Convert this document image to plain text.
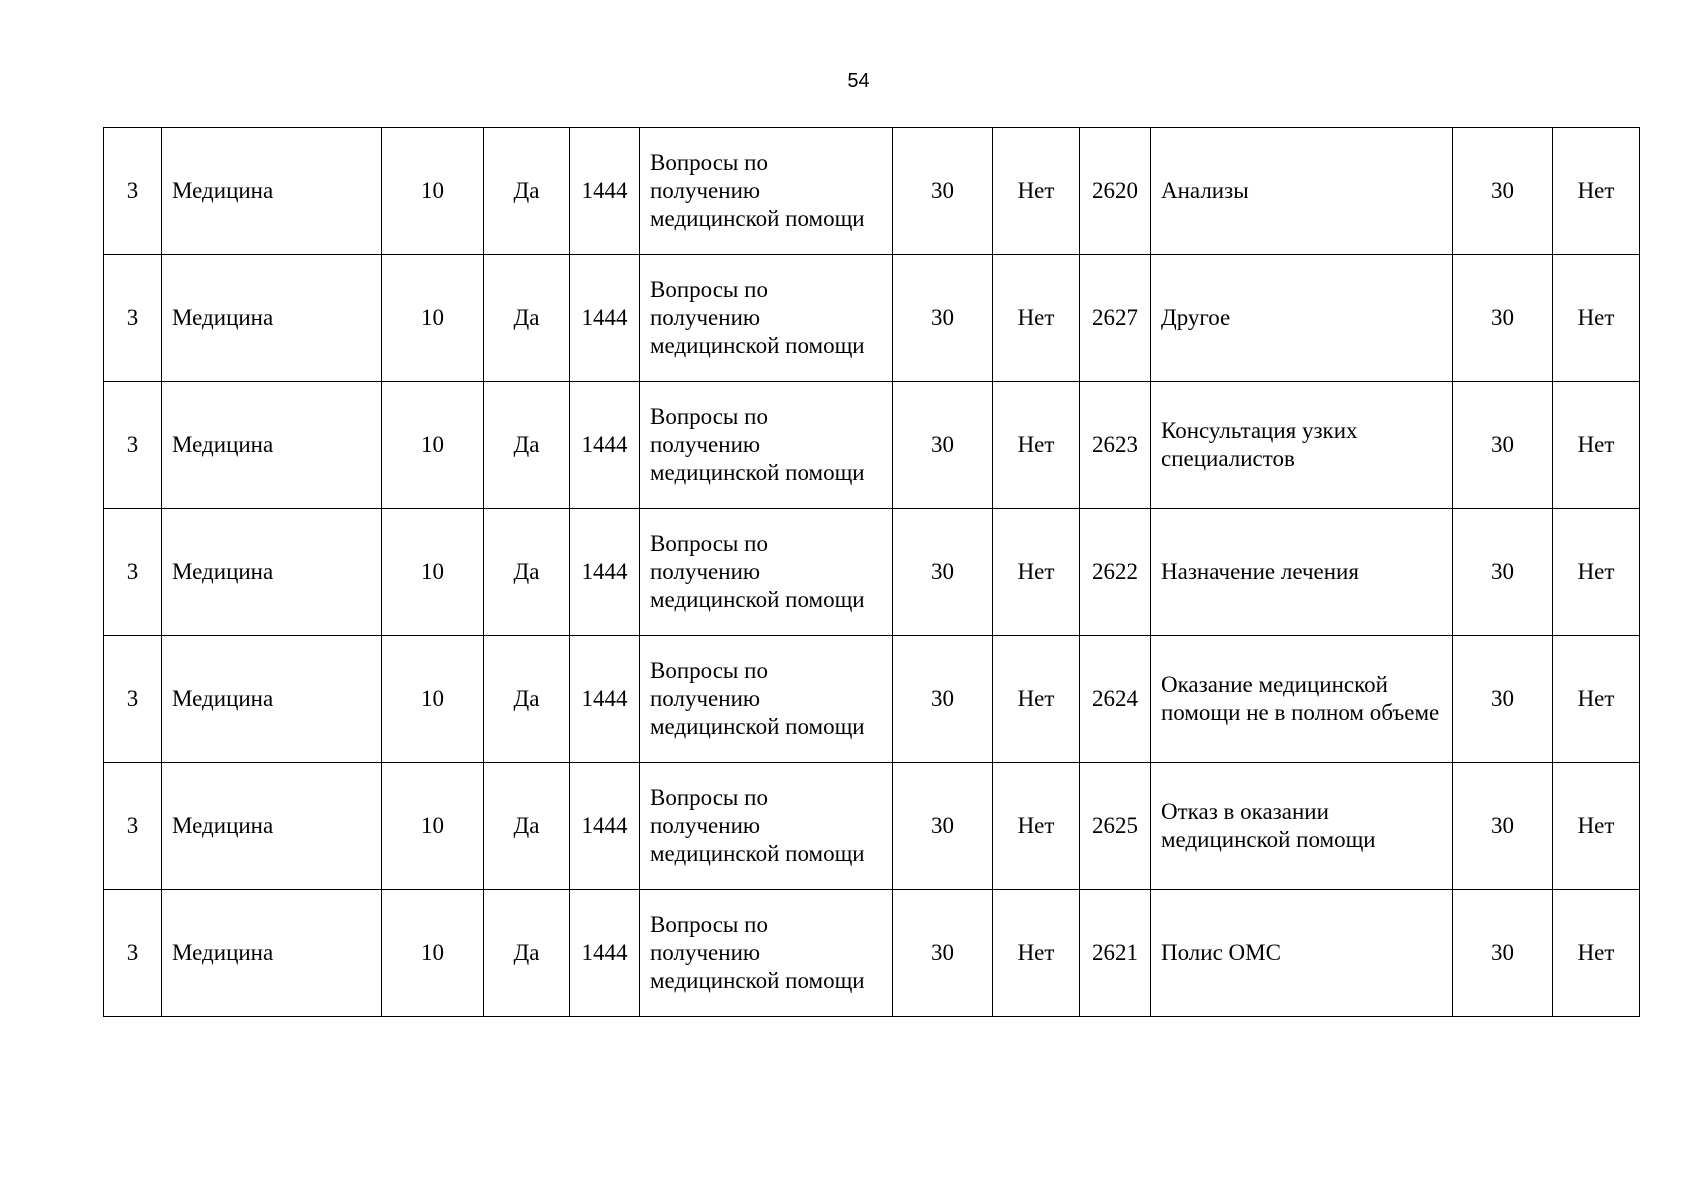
54
3	Медицина	10	Да	1444	Вопросы по получению медицинской помощи	30	Нет	2620	Анализы	30	Нет
3	Медицина	10	Да	1444	Вопросы по получению медицинской помощи	30	Нет	2627	Другое	30	Нет
3	Медицина	10	Да	1444	Вопросы по получению медицинской помощи	30	Нет	2623	Консультация узких специалистов	30	Нет
3	Медицина	10	Да	1444	Вопросы по получению медицинской помощи	30	Нет	2622	Назначение лечения	30	Нет
3	Медицина	10	Да	1444	Вопросы по получению медицинской помощи	30	Нет	2624	Оказание медицинской помощи не в полном объеме	30	Нет
3	Медицина	10	Да	1444	Вопросы по получению медицинской помощи	30	Нет	2625	Отказ в оказании медицинской помощи	30	Нет
3	Медицина	10	Да	1444	Вопросы по получению медицинской помощи	30	Нет	2621	Полис ОМС	30	Нет
